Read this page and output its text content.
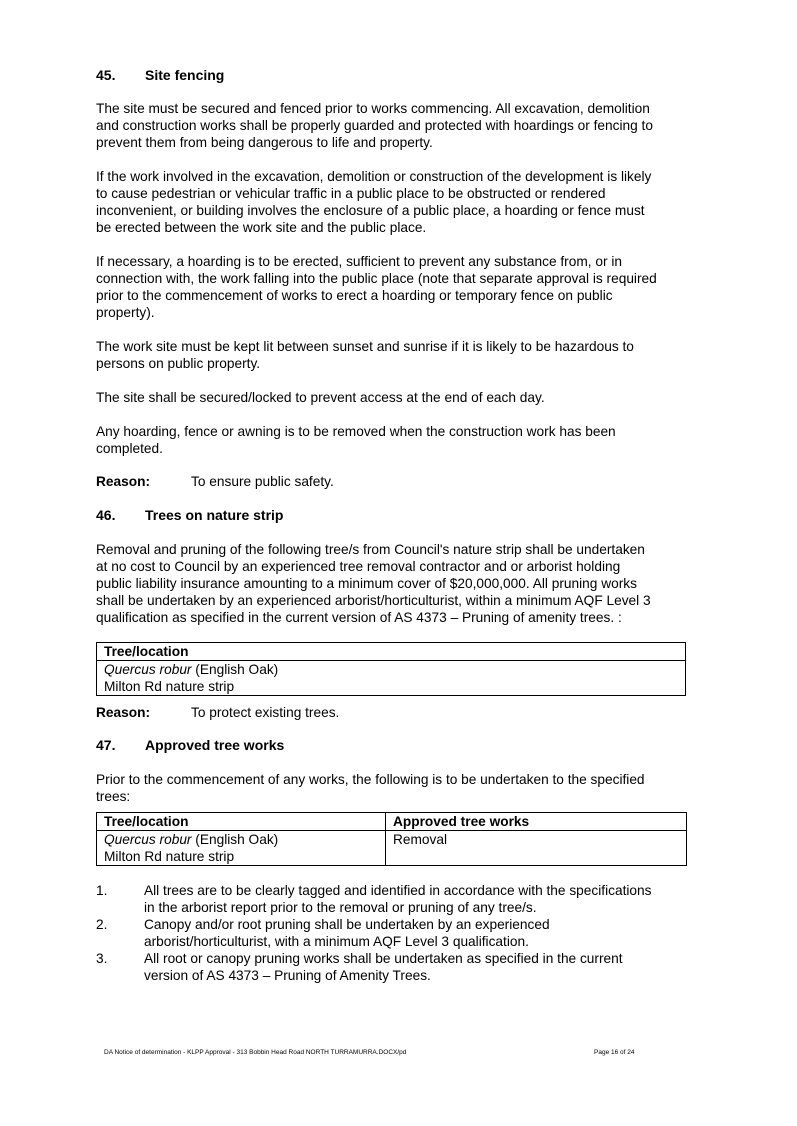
45. Site fencing

The site must be secured and fenced prior to works commencing. All excavation, demolition

and construction works shall be properly guarded and protected with hoardings or fencing to

prevent them from being dangerous to life and property.

If the work involved in the excavation, demolition or construction of the development is likely

to cause pedestrian or vehicular traffic in a public place to be obstructed or rendered

inconvenient, or building involves the enclosure of a public place, a hoarding or fence must

be erected between the work site and the public place.

If necessary, a hoarding is to be erected, sufficient to prevent any substance from, or in

connection with, the work falling into the public place (note that separate approval is required

prior to the commencement of works to erect a hoarding or temporary fence on public

property).

The work site must be kept lit between sunset and sunrise if it is likely to be hazardous to

persons on public property.

The site shall be secured/locked to prevent access at the end of each day.

Any hoarding, fence or awning is to be removed when the construction work has been

completed.

Reason:	To ensure public safety.
46. Trees on nature strip

Removal and pruning of the following tree/s from Council's nature strip shall be undertaken

at no cost to Council by an experienced tree removal contractor and or arborist holding

public liability insurance amounting to a minimum cover of $20,000,000. All pruning works

shall be undertaken by an experienced arborist/horticulturist, within a minimum AQF Level 3

qualification as specified in the current version of AS 4373 – Pruning of amenity trees. :

Tree/location

Quercus robur (English Oak)
Milton Rd nature strip
Reason:	To protect existing trees.
47. Approved tree works

Prior to the commencement of any works, the following is to be undertaken to the specified

trees:

Tree/location	Approved tree works

Quercus robur (English Oak)
Milton Rd nature strip	Removal
1.	All trees are to be clearly tagged and identified in accordance with the specifications
in the arborist report prior to the removal or pruning of any tree/s.
2.	Canopy and/or root pruning shall be undertaken by an experienced
arborist/horticulturist, with a minimum AQF Level 3 qualification.
3.	All root or canopy pruning works shall be undertaken as specified in the current
version of AS 4373 – Pruning of Amenity Trees.
DA Notice of determination - KLPP Approval - 313 Bobbin Head Road NORTH TURRAMURRA.DOCX/pd	Page 16 of 24
